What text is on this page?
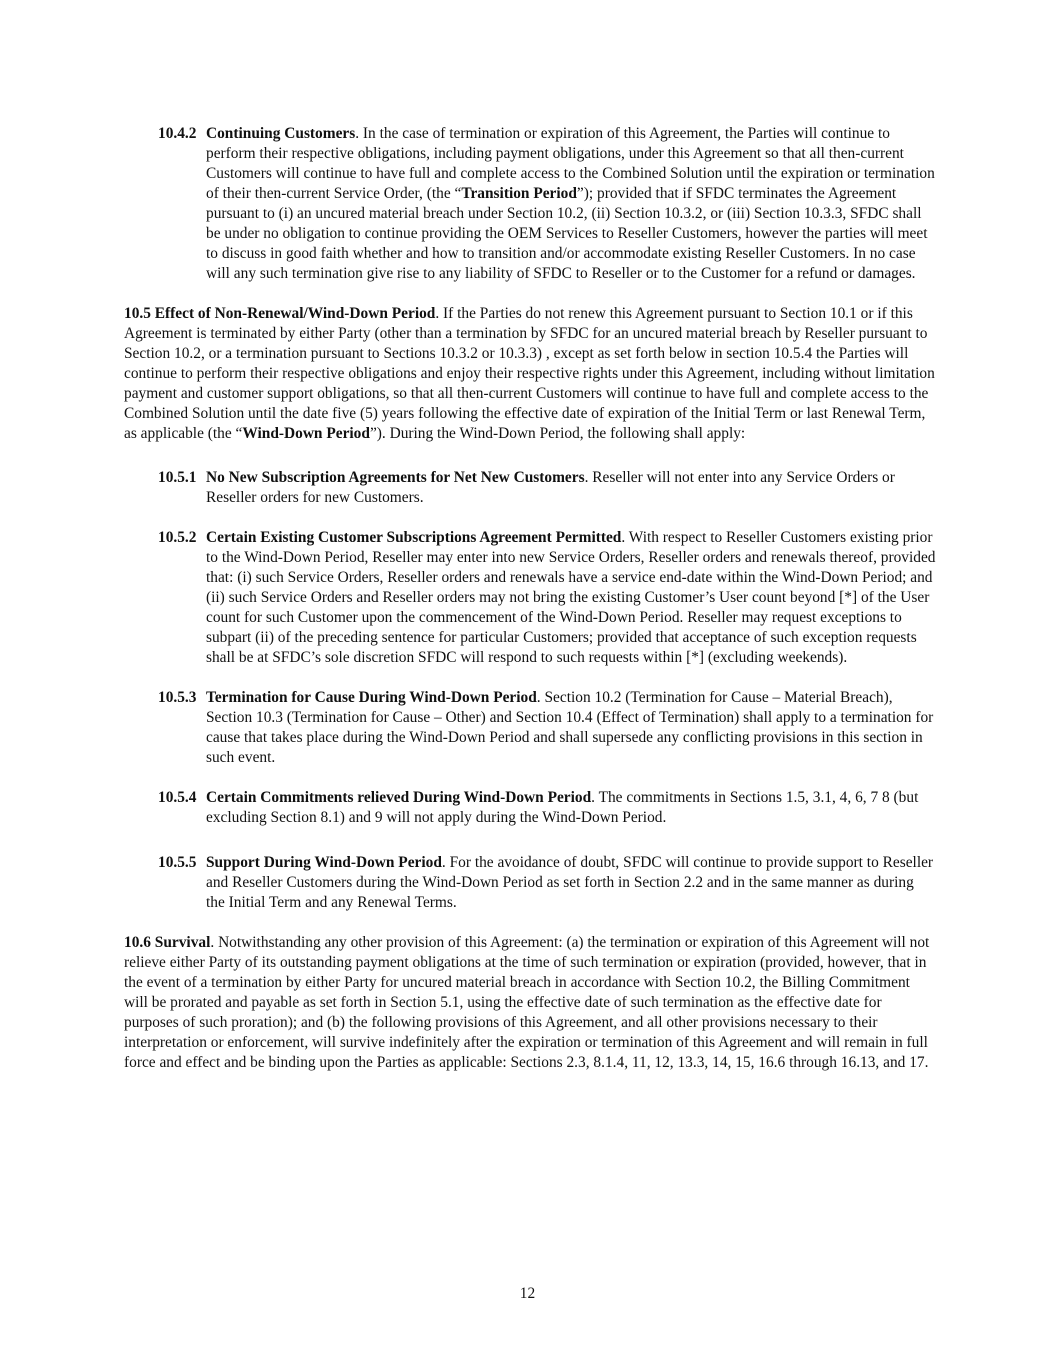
10.4.2 Continuing Customers. In the case of termination or expiration of this Agreement, the Parties will continue to perform their respective obligations, including payment obligations, under this Agreement so that all then-current Customers will continue to have full and complete access to the Combined Solution until the expiration or termination of their then-current Service Order, (the “Transition Period”); provided that if SFDC terminates the Agreement pursuant to (i) an uncured material breach under Section 10.2, (ii) Section 10.3.2, or (iii) Section 10.3.3, SFDC shall be under no obligation to continue providing the OEM Services to Reseller Customers, however the parties will meet to discuss in good faith whether and how to transition and/or accommodate existing Reseller Customers. In no case will any such termination give rise to any liability of SFDC to Reseller or to the Customer for a refund or damages.
10.5 Effect of Non-Renewal/Wind-Down Period. If the Parties do not renew this Agreement pursuant to Section 10.1 or if this Agreement is terminated by either Party (other than a termination by SFDC for an uncured material breach by Reseller pursuant to Section 10.2, or a termination pursuant to Sections 10.3.2 or 10.3.3) , except as set forth below in section 10.5.4 the Parties will continue to perform their respective obligations and enjoy their respective rights under this Agreement, including without limitation payment and customer support obligations, so that all then-current Customers will continue to have full and complete access to the Combined Solution until the date five (5) years following the effective date of expiration of the Initial Term or last Renewal Term, as applicable (the “Wind-Down Period”). During the Wind-Down Period, the following shall apply:
10.5.1 No New Subscription Agreements for Net New Customers. Reseller will not enter into any Service Orders or Reseller orders for new Customers.
10.5.2 Certain Existing Customer Subscriptions Agreement Permitted. With respect to Reseller Customers existing prior to the Wind-Down Period, Reseller may enter into new Service Orders, Reseller orders and renewals thereof, provided that: (i) such Service Orders, Reseller orders and renewals have a service end-date within the Wind-Down Period; and (ii) such Service Orders and Reseller orders may not bring the existing Customer’s User count beyond [*] of the User count for such Customer upon the commencement of the Wind-Down Period. Reseller may request exceptions to subpart (ii) of the preceding sentence for particular Customers; provided that acceptance of such exception requests shall be at SFDC’s sole discretion SFDC will respond to such requests within [*] (excluding weekends).
10.5.3 Termination for Cause During Wind-Down Period. Section 10.2 (Termination for Cause – Material Breach), Section 10.3 (Termination for Cause – Other) and Section 10.4 (Effect of Termination) shall apply to a termination for cause that takes place during the Wind-Down Period and shall supersede any conflicting provisions in this section in such event.
10.5.4 Certain Commitments relieved During Wind-Down Period. The commitments in Sections 1.5, 3.1, 4, 6, 7 8 (but excluding Section 8.1) and 9 will not apply during the Wind-Down Period.
10.5.5 Support During Wind-Down Period. For the avoidance of doubt, SFDC will continue to provide support to Reseller and Reseller Customers during the Wind-Down Period as set forth in Section 2.2 and in the same manner as during the Initial Term and any Renewal Terms.
10.6 Survival. Notwithstanding any other provision of this Agreement: (a) the termination or expiration of this Agreement will not relieve either Party of its outstanding payment obligations at the time of such termination or expiration (provided, however, that in the event of a termination by either Party for uncured material breach in accordance with Section 10.2, the Billing Commitment will be prorated and payable as set forth in Section 5.1, using the effective date of such termination as the effective date for purposes of such proration); and (b) the following provisions of this Agreement, and all other provisions necessary to their interpretation or enforcement, will survive indefinitely after the expiration or termination of this Agreement and will remain in full force and effect and be binding upon the Parties as applicable: Sections 2.3, 8.1.4, 11, 12, 13.3, 14, 15, 16.6 through 16.13, and 17.
12
